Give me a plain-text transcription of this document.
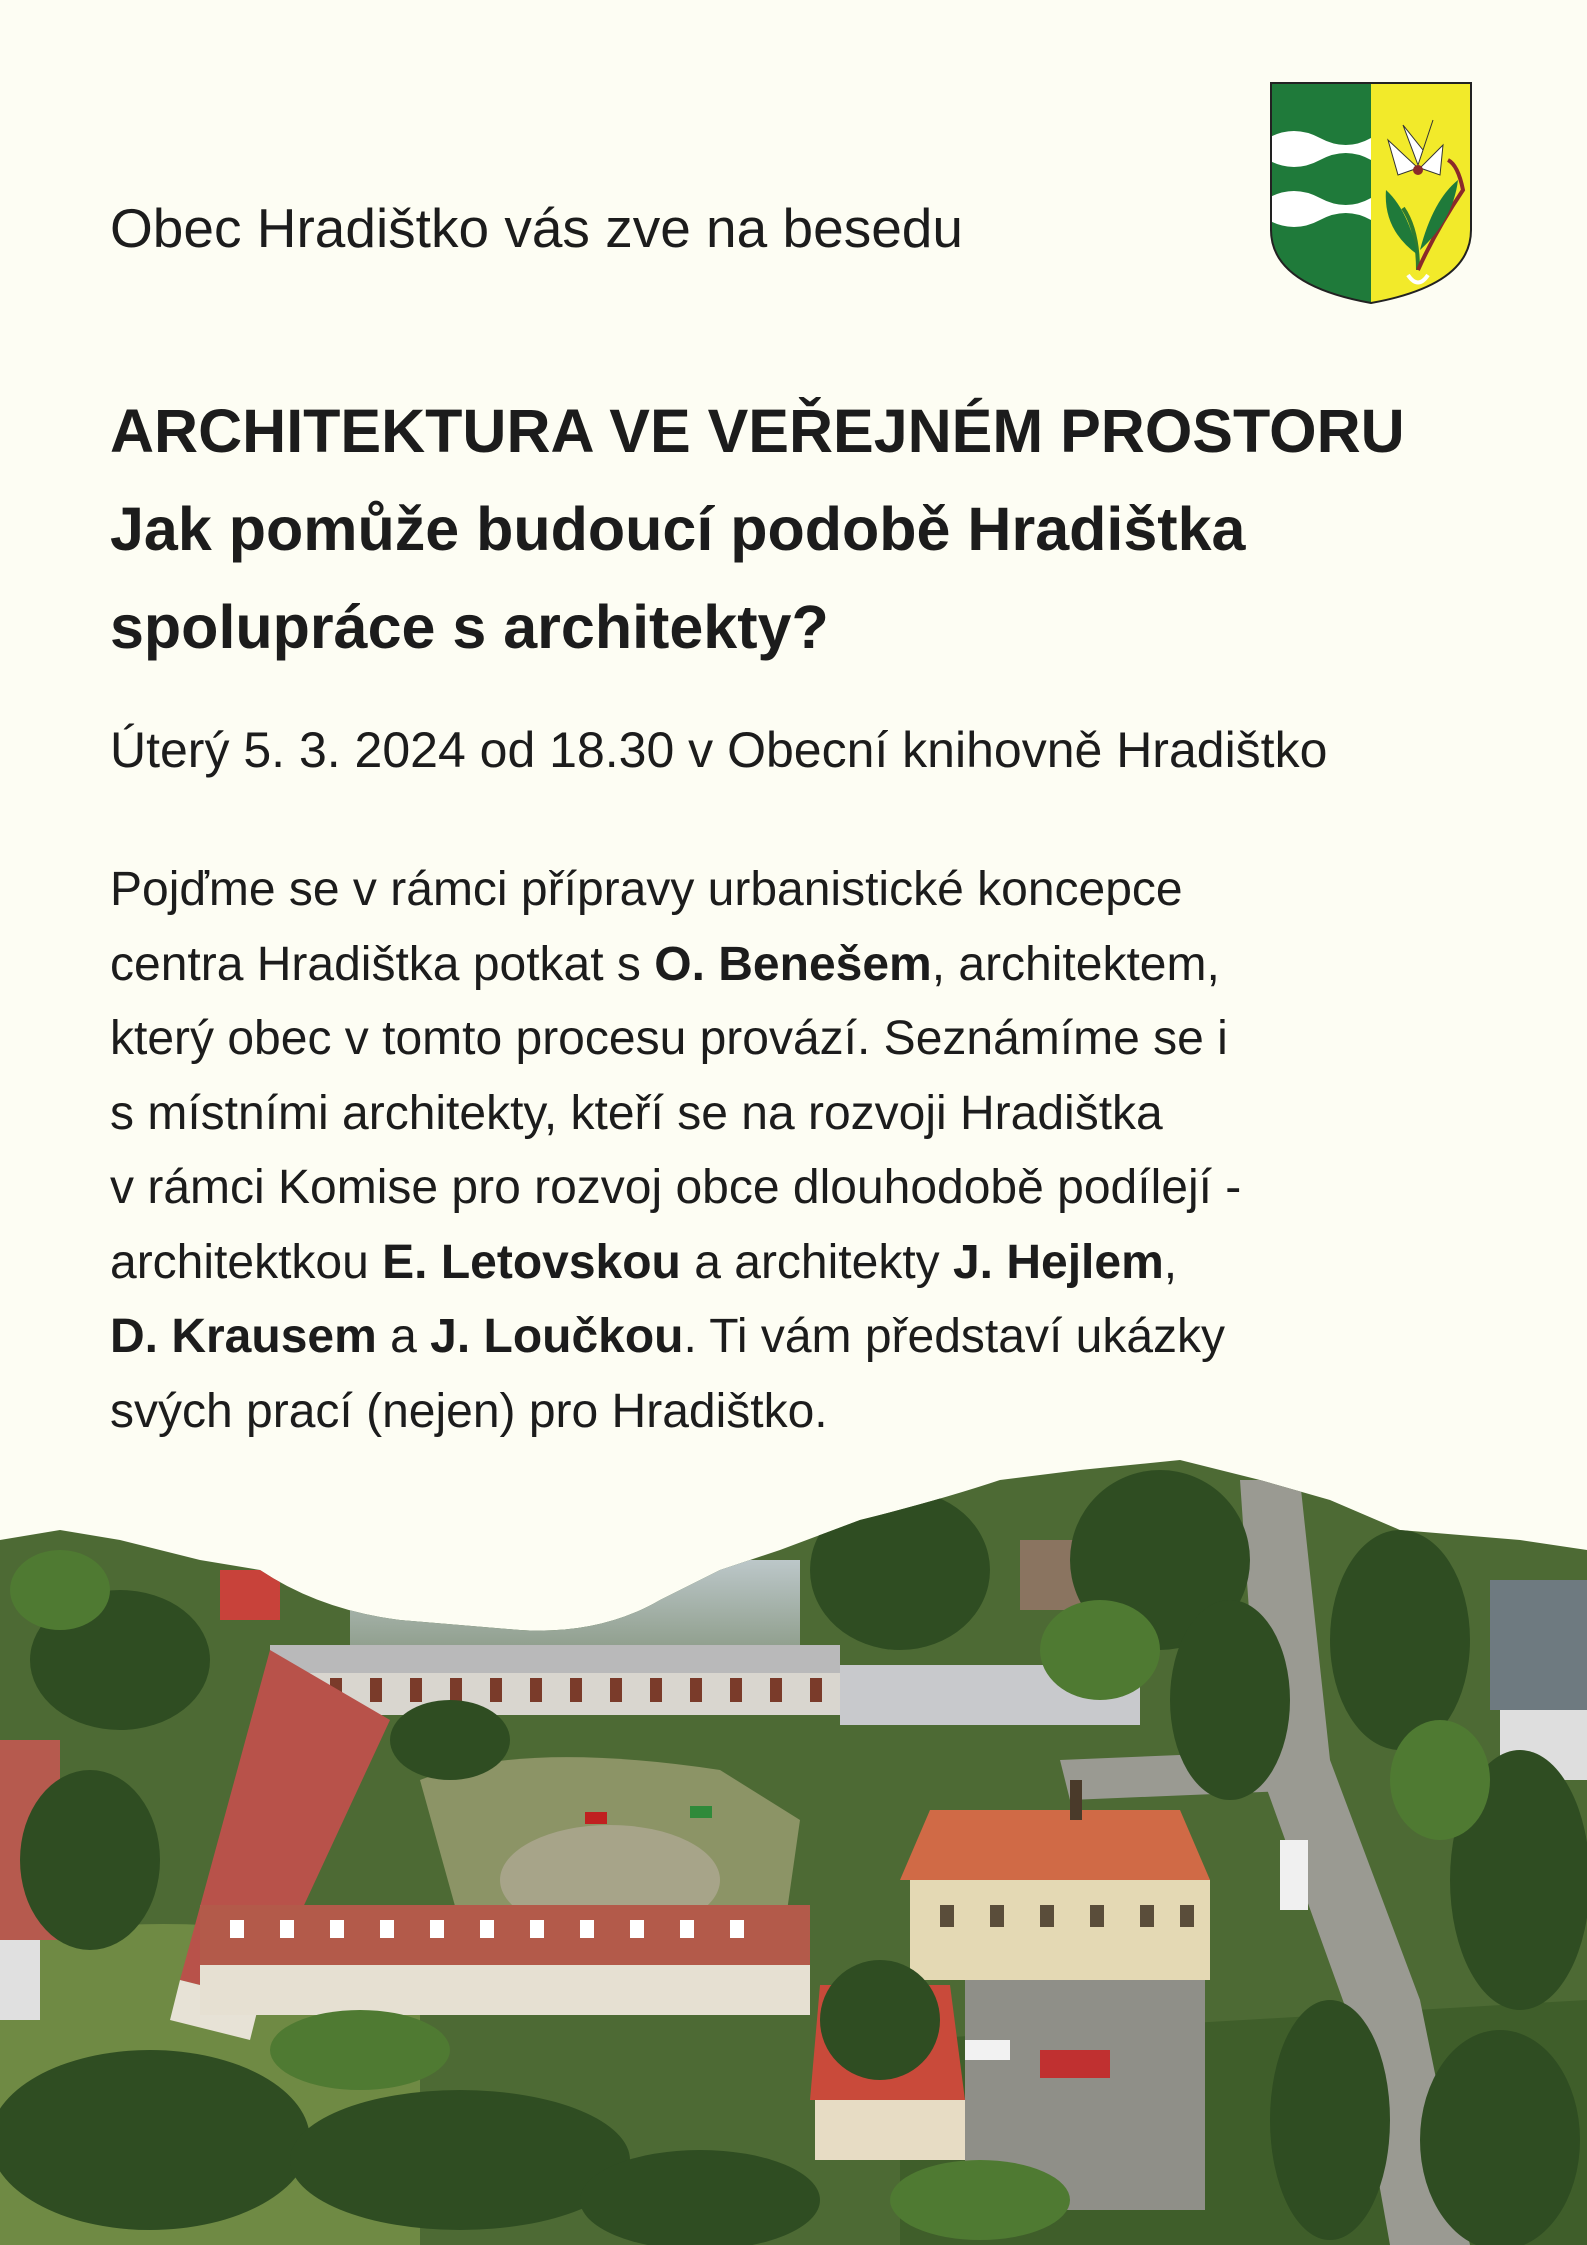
Obec Hradištko vás zve na besedu
ARCHITEKTURA VE VEŘEJNÉM PROSTORU
Jak pomůže budoucí podobě Hradištka
spolupráce s architekty?

Úterý 5. 3. 2024 od 18.30 v Obecní knihovně Hradištko

Pojďme se v rámci přípravy urbanistické koncepce
centra Hradištka potkat s O. Benešem, architektem,
který obec v tomto procesu provází. Seznámíme se i
s místními architekty, kteří se na rozvoji Hradištka
v rámci Komise pro rozvoj obce dlouhodobě podílejí -
architektkou E. Letovskou a architekty J. Hejlem,
D. Krausem a J. Loučkou. Ti vám představí ukázky
svých prací (nejen) pro Hradištko.
